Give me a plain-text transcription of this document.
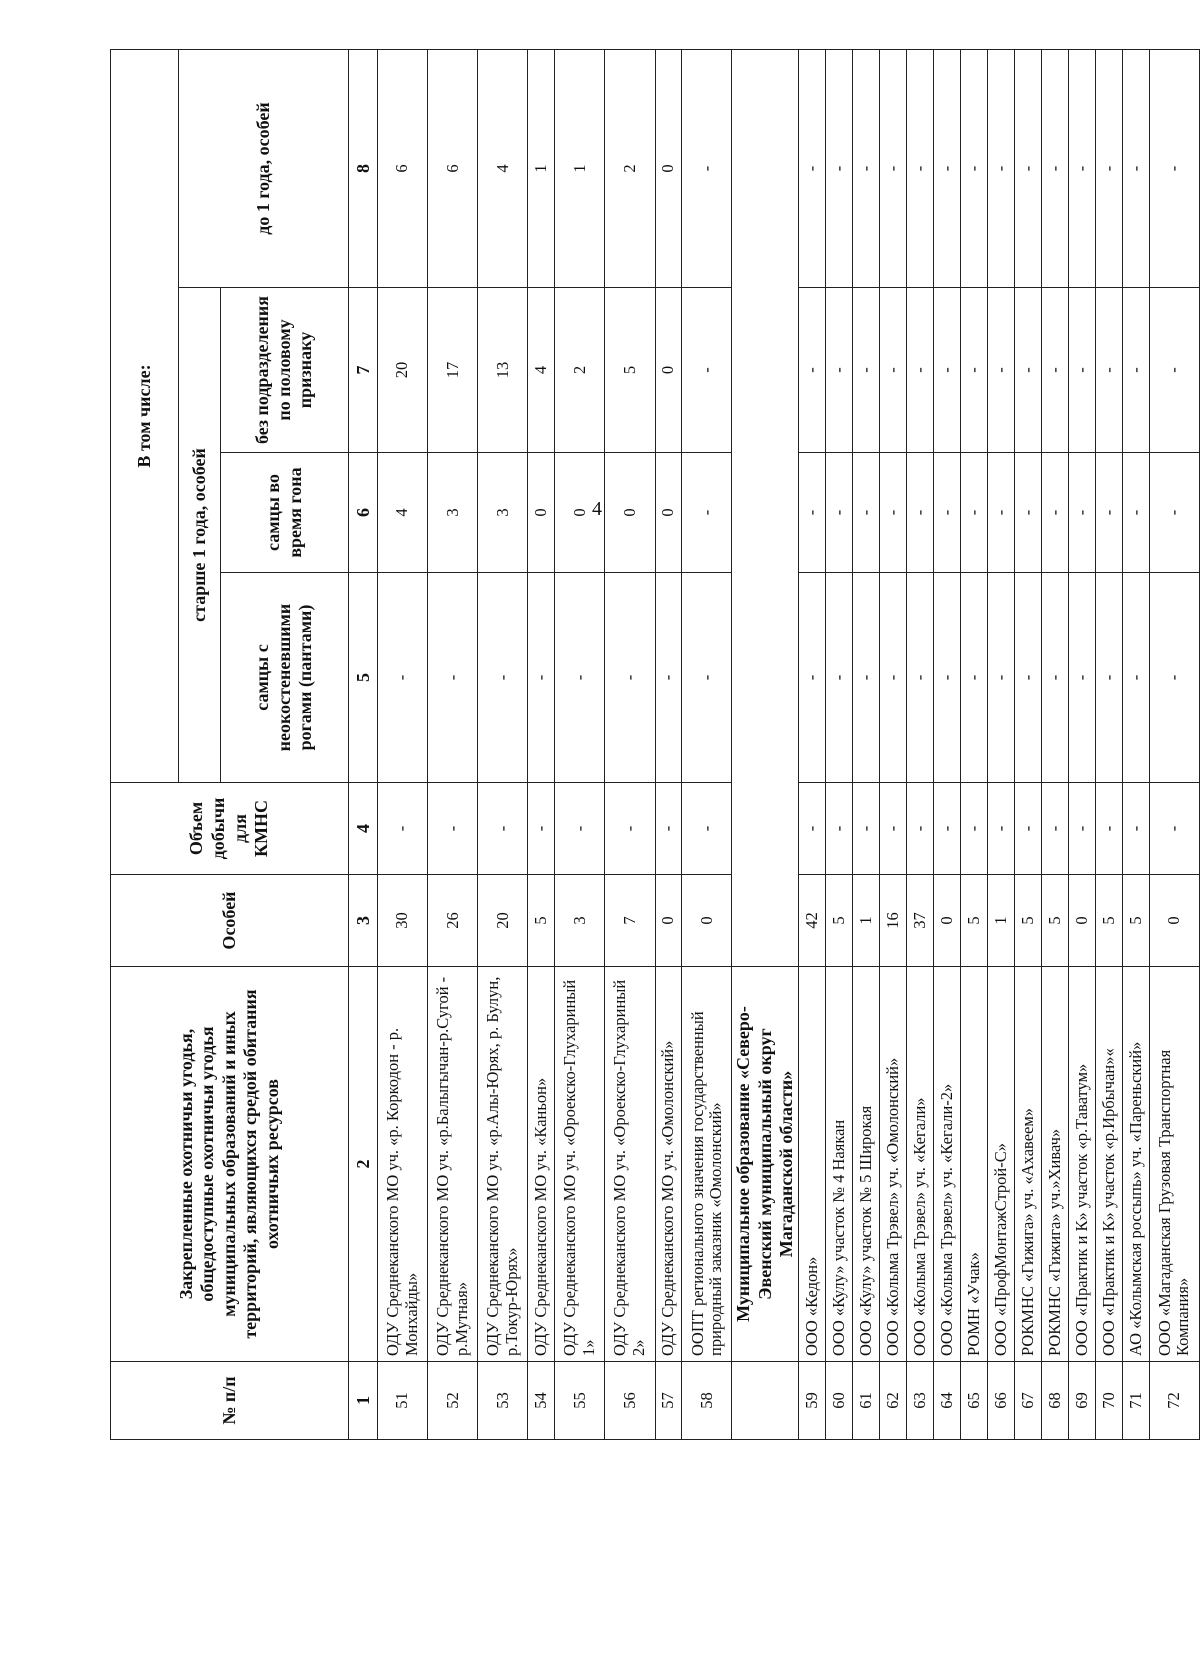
4
№ п/п	Закрепленные охотничьи угодья, общедоступные охотничьи угодья муниципальных образований и иных территорий, являющихся средой обитания охотничьих ресурсов	Особей	Объем добычи для КМНС	В том числе:			
				старше 1 года, особей			до 1 года, особей
				самцы с неокостеневшими рогами (пантами)	самцы во время гона	без подразделения по половому признаку	
1	2	3	4	5	6	7	8
51	ОДУ Среднеканского МО уч. «р. Коркодон - р. Монхайды»	30	-	-	4	20	6
52	ОДУ Среднеканского МО уч. «р.Балыгычан-р.Сугой - р.Мутная»	26	-	-	3	17	6
53	ОДУ Среднеканского МО уч. «р.Алы-Юрях, р. Булун, р.Токур-Юрях»	20	-	-	3	13	4
54	ОДУ Среднеканского МО уч. «Каньон»	5	-	-	0	4	1
55	ОДУ Среднеканского МО уч. «Ороекско-Глухариный 1»	3	-	-	0	2	1
56	ОДУ Среднеканского МО уч. «Ороекско-Глухариный 2»	7	-	-	0	5	2
57	ОДУ Среднеканского МО уч. «Омолонский»	0	-	-	0	0	0
58	ООПТ регионального значения государственный природный заказник «Омолонский»	0	-	-	-	-	-
	Муниципальное образование «Северо-Эвенский муниципальный округ Магаданской области»						
59	ООО «Кедон»	42	-	-	-	-	-
60	ООО «Кулу» участок № 4 Наякан	5	-	-	-	-	-
61	ООО «Кулу» участок № 5 Широкая	1	-	-	-	-	-
62	ООО «Колыма Трэвел» уч. «Омолонский»	16	-	-	-	-	-
63	ООО «Колыма Трэвел» уч. «Кегали»	37	-	-	-	-	-
64	ООО «Колыма Трэвел» уч. «Кегали-2»	0	-	-	-	-	-
65	РОМН «Учак»	5	-	-	-	-	-
66	ООО «ПрофМонтажСтрой-С»	1	-	-	-	-	-
67	РОКМНС «Гижига» уч. «Ахавеем»	5	-	-	-	-	-
68	РОКМНС «Гижига» уч.»Хивач»	5	-	-	-	-	-
69	ООО «Практик и К» участок «р.Таватум»	0	-	-	-	-	-
70	ООО «Практик и К» участок «р.Ирбычан»«	5	-	-	-	-	-
71	АО «Колымская россыпь» уч. «Пареньский»	5	-	-	-	-	-
72	ООО «Магаданская Грузовая Транспортная Компания»	0	-	-	-	-	-
